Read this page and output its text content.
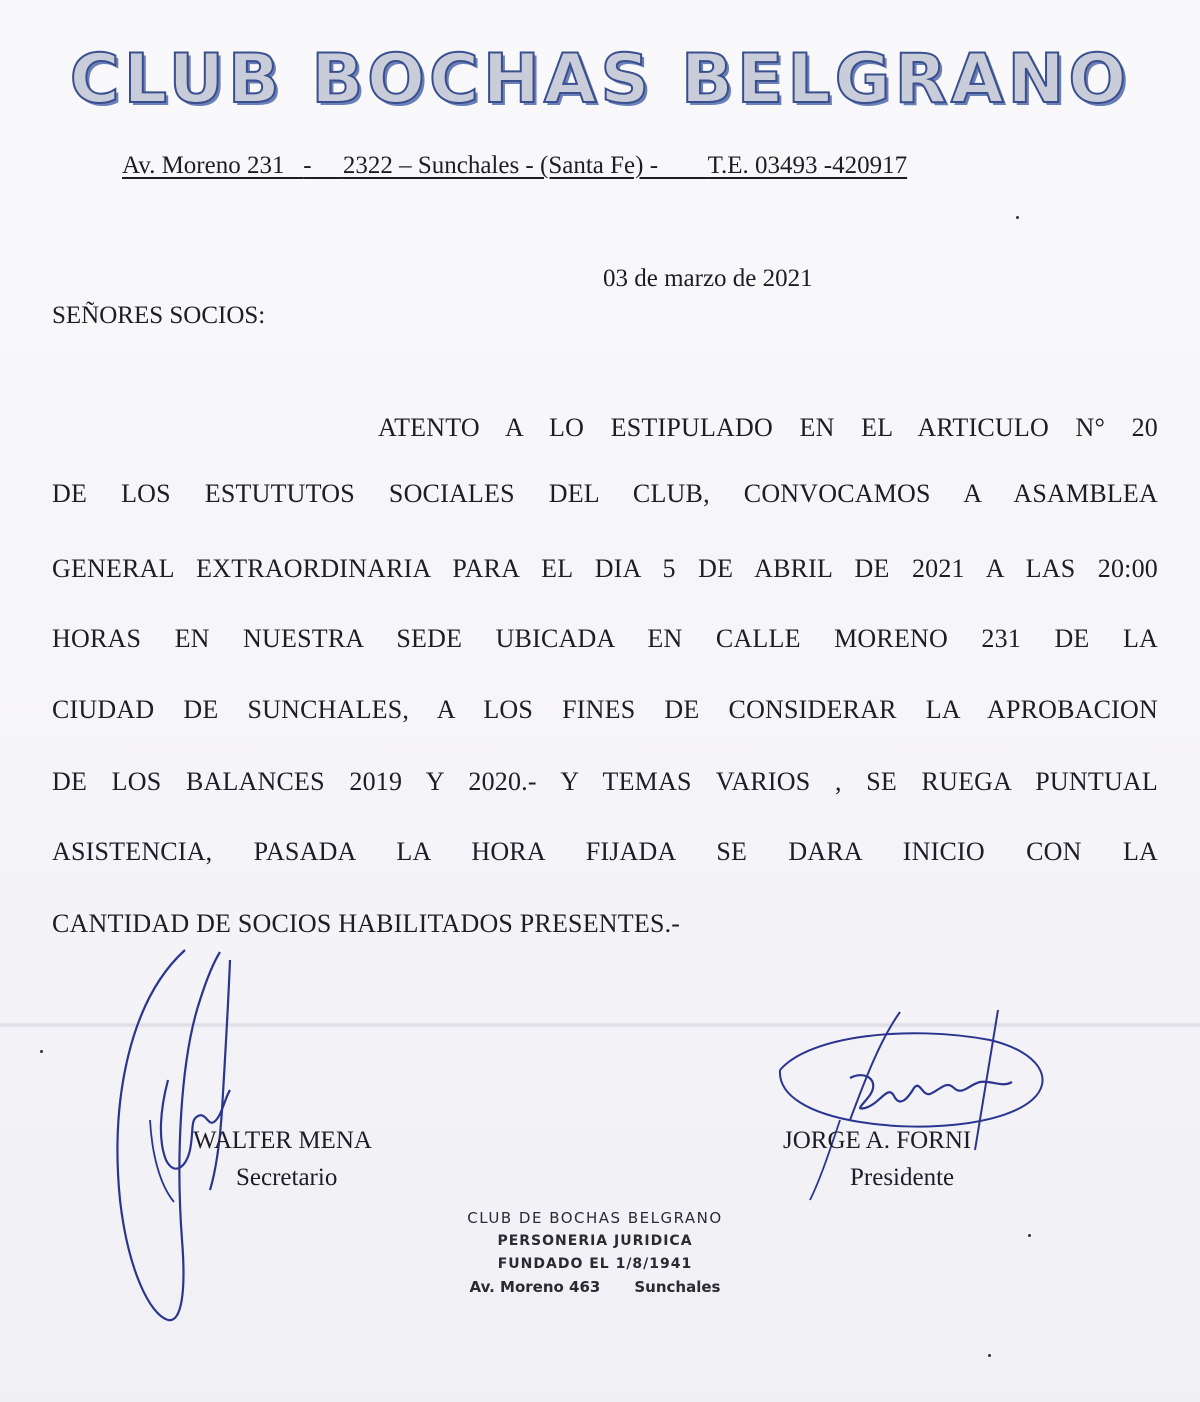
CLUB BOCHAS BELGRANO
Av. Moreno 231 - 2322 – Sunchales - (Santa Fe) - T.E. 03493 -420917
03 de marzo de 2021
SEÑORES SOCIOS:
ATENTO A LO ESTIPULADO EN EL ARTICULO N° 20
DE LOS ESTUTUTOS SOCIALES DEL CLUB, CONVOCAMOS A ASAMBLEA
GENERAL EXTRAORDINARIA PARA EL DIA 5 DE ABRIL DE 2021 A LAS 20:00
HORAS EN NUESTRA SEDE UBICADA EN CALLE MORENO 231 DE LA
CIUDAD DE SUNCHALES, A LOS FINES DE CONSIDERAR LA APROBACION
DE LOS BALANCES 2019 Y 2020.- Y TEMAS VARIOS , SE RUEGA PUNTUAL
ASISTENCIA, PASADA LA HORA FIJADA SE DARA INICIO CON LA
CANTIDAD DE SOCIOS HABILITADOS PRESENTES.-
WALTER MENA
Secretario
JORGE A. FORNI
Presidente
CLUB DE BOCHAS BELGRANO
PERSONERIA JURIDICA
FUNDADO EL 1/8/1941
Av. Moreno 463 Sunchales
